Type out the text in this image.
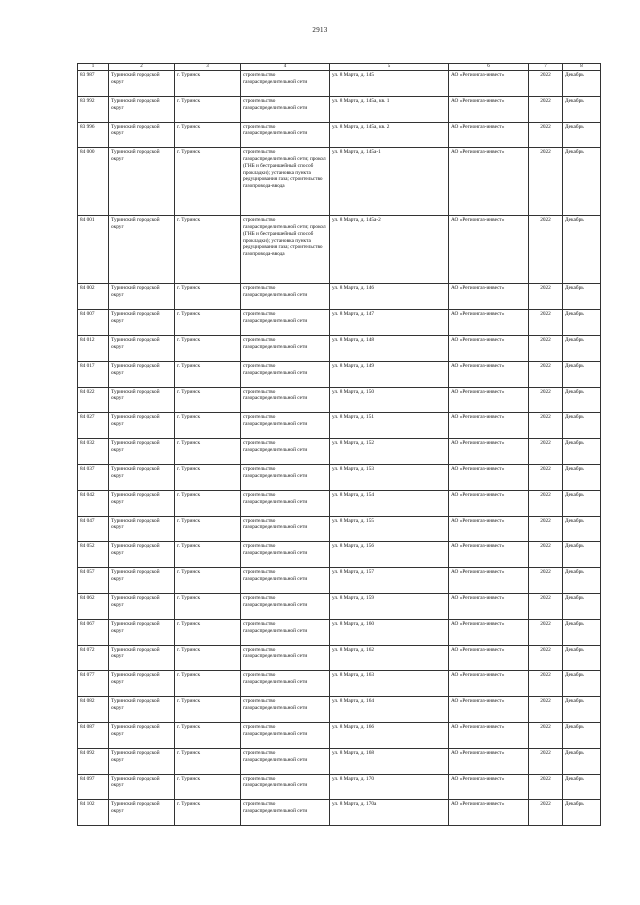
2913
1	2	3	4	5	6	7	8
83 987	Туринский городской округ	г. Туринск	строительство газораспределительной сети	ул. 8 Марта, д. 145	АО «Регионгаз-инвест»	2022	Декабрь
83 992	Туринский городской округ	г. Туринск	строительство газораспределительной сети	ул. 8 Марта, д. 145а, кв. 1	АО «Регионгаз-инвест»	2022	Декабрь
83 996	Туринский городской округ	г. Туринск	строительство газораспределительной сети	ул. 8 Марта, д. 145а, кв. 2	АО «Регионгаз-инвест»	2022	Декабрь
84 000	Туринский городской округ	г. Туринск	строительство газораспределительной сети; прокол (ГНБ и бестраншейный способ прокладки); установка пункта редуцирования газа; строительство газопровода-ввода	ул. 8 Марта, д. 145а-1	АО «Регионгаз-инвест»	2022	Декабрь
84 001	Туринский городской округ	г. Туринск	строительство газораспределительной сети; прокол (ГНБ и бестраншейный способ прокладки); установка пункта редуцирования газа; строительство газопровода-ввода	ул. 8 Марта, д. 145а-2	АО «Регионгаз-инвест»	2022	Декабрь
84 002	Туринский городской округ	г. Туринск	строительство газораспределительной сети	ул. 8 Марта, д. 146	АО «Регионгаз-инвест»	2022	Декабрь
84 007	Туринский городской округ	г. Туринск	строительство газораспределительной сети	ул. 8 Марта, д. 147	АО «Регионгаз-инвест»	2022	Декабрь
84 012	Туринский городской округ	г. Туринск	строительство газораспределительной сети	ул. 8 Марта, д. 148	АО «Регионгаз-инвест»	2022	Декабрь
84 017	Туринский городской округ	г. Туринск	строительство газораспределительной сети	ул. 8 Марта, д. 149	АО «Регионгаз-инвест»	2022	Декабрь
84 022	Туринский городской округ	г. Туринск	строительство газораспределительной сети	ул. 8 Марта, д. 150	АО «Регионгаз-инвест»	2022	Декабрь
84 027	Туринский городской округ	г. Туринск	строительство газораспределительной сети	ул. 8 Марта, д. 151	АО «Регионгаз-инвест»	2022	Декабрь
84 032	Туринский городской округ	г. Туринск	строительство газораспределительной сети	ул. 8 Марта, д. 152	АО «Регионгаз-инвест»	2022	Декабрь
84 037	Туринский городской округ	г. Туринск	строительство газораспределительной сети	ул. 8 Марта, д. 153	АО «Регионгаз-инвест»	2022	Декабрь
84 042	Туринский городской округ	г. Туринск	строительство газораспределительной сети	ул. 8 Марта, д. 154	АО «Регионгаз-инвест»	2022	Декабрь
84 047	Туринский городской округ	г. Туринск	строительство газораспределительной сети	ул. 8 Марта, д. 155	АО «Регионгаз-инвест»	2022	Декабрь
84 052	Туринский городской округ	г. Туринск	строительство газораспределительной сети	ул. 8 Марта, д. 156	АО «Регионгаз-инвест»	2022	Декабрь
84 057	Туринский городской округ	г. Туринск	строительство газораспределительной сети	ул. 8 Марта, д. 157	АО «Регионгаз-инвест»	2022	Декабрь
84 062	Туринский городской округ	г. Туринск	строительство газораспределительной сети	ул. 8 Марта, д. 159	АО «Регионгаз-инвест»	2022	Декабрь
84 067	Туринский городской округ	г. Туринск	строительство газораспределительной сети	ул. 8 Марта, д. 160	АО «Регионгаз-инвест»	2022	Декабрь
84 072	Туринский городской округ	г. Туринск	строительство газораспределительной сети	ул. 8 Марта, д. 162	АО «Регионгаз-инвест»	2022	Декабрь
84 077	Туринский городской округ	г. Туринск	строительство газораспределительной сети	ул. 8 Марта, д. 163	АО «Регионгаз-инвест»	2022	Декабрь
84 082	Туринский городской округ	г. Туринск	строительство газораспределительной сети	ул. 8 Марта, д. 164	АО «Регионгаз-инвест»	2022	Декабрь
84 087	Туринский городской округ	г. Туринск	строительство газораспределительной сети	ул. 8 Марта, д. 166	АО «Регионгаз-инвест»	2022	Декабрь
84 092	Туринский городской округ	г. Туринск	строительство газораспределительной сети	ул. 8 Марта, д. 168	АО «Регионгаз-инвест»	2022	Декабрь
84 097	Туринский городской округ	г. Туринск	строительство газораспределительной сети	ул. 8 Марта, д. 170	АО «Регионгаз-инвест»	2022	Декабрь
84 102	Туринский городской округ	г. Туринск	строительство газораспределительной сети	ул. 8 Марта, д. 170а	АО «Регионгаз-инвест»	2022	Декабрь
